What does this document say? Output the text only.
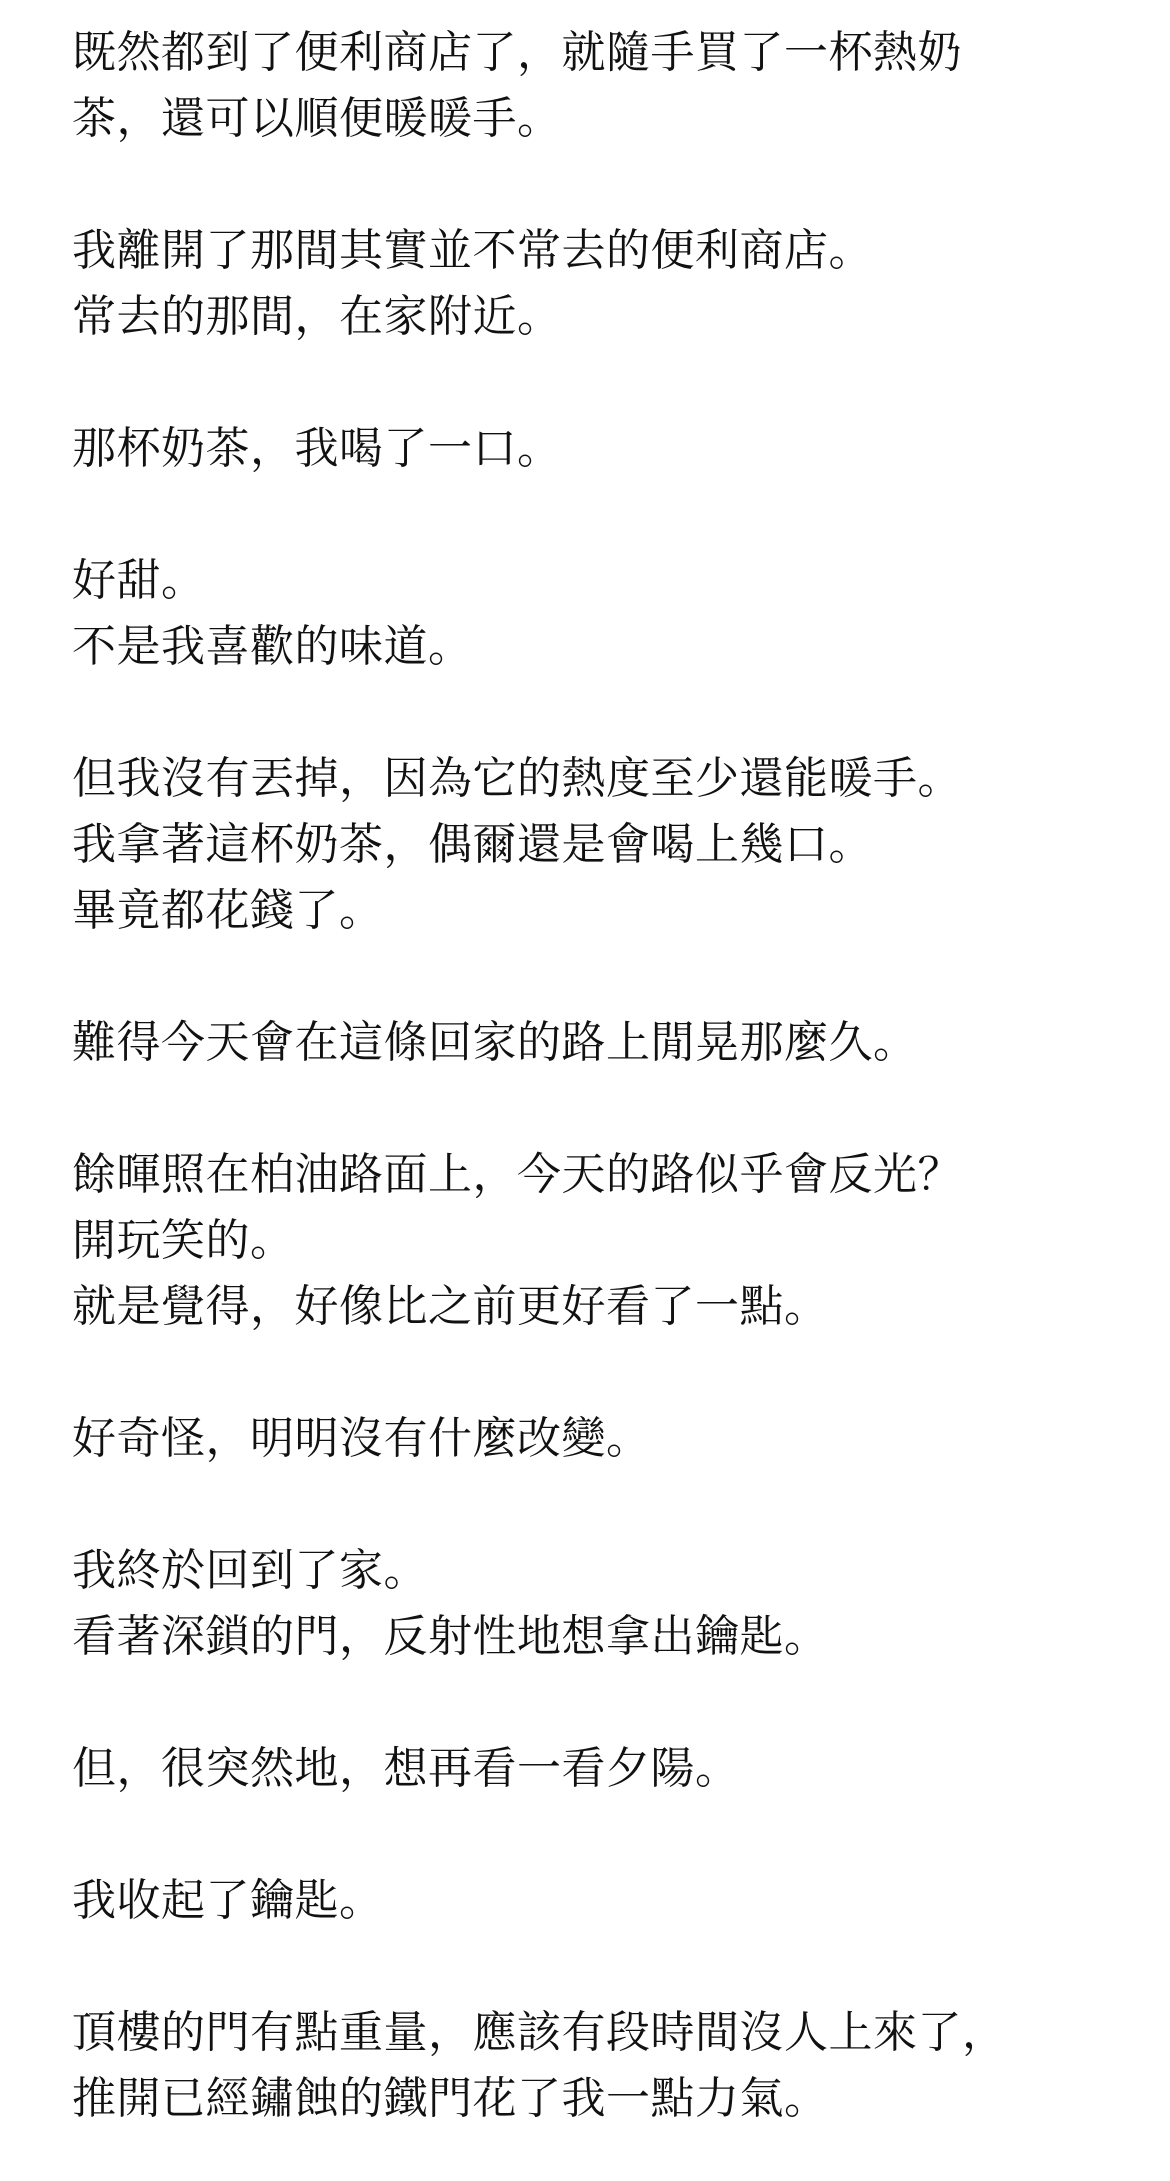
既然都到了便利商店了，就隨手買了一杯熱奶
茶，還可以順便暖暖手。
我離開了那間其實並不常去的便利商店。
常去的那間，在家附近。
那杯奶茶，我喝了一口。
好甜。
不是我喜歡的味道。
但我沒有丟掉，因為它的熱度至少還能暖手。
我拿著這杯奶茶，偶爾還是會喝上幾口。
畢竟都花錢了。
難得今天會在這條回家的路上閒晃那麼久。
餘暉照在柏油路面上，今天的路似乎會反光？
開玩笑的。
就是覺得，好像比之前更好看了一點。
好奇怪，明明沒有什麼改變。
我終於回到了家。
看著深鎖的門，反射性地想拿出鑰匙。
但，很突然地，想再看一看夕陽。
我收起了鑰匙。
頂樓的門有點重量，應該有段時間沒人上來了，
推開已經鏽蝕的鐵門花了我一點力氣。
